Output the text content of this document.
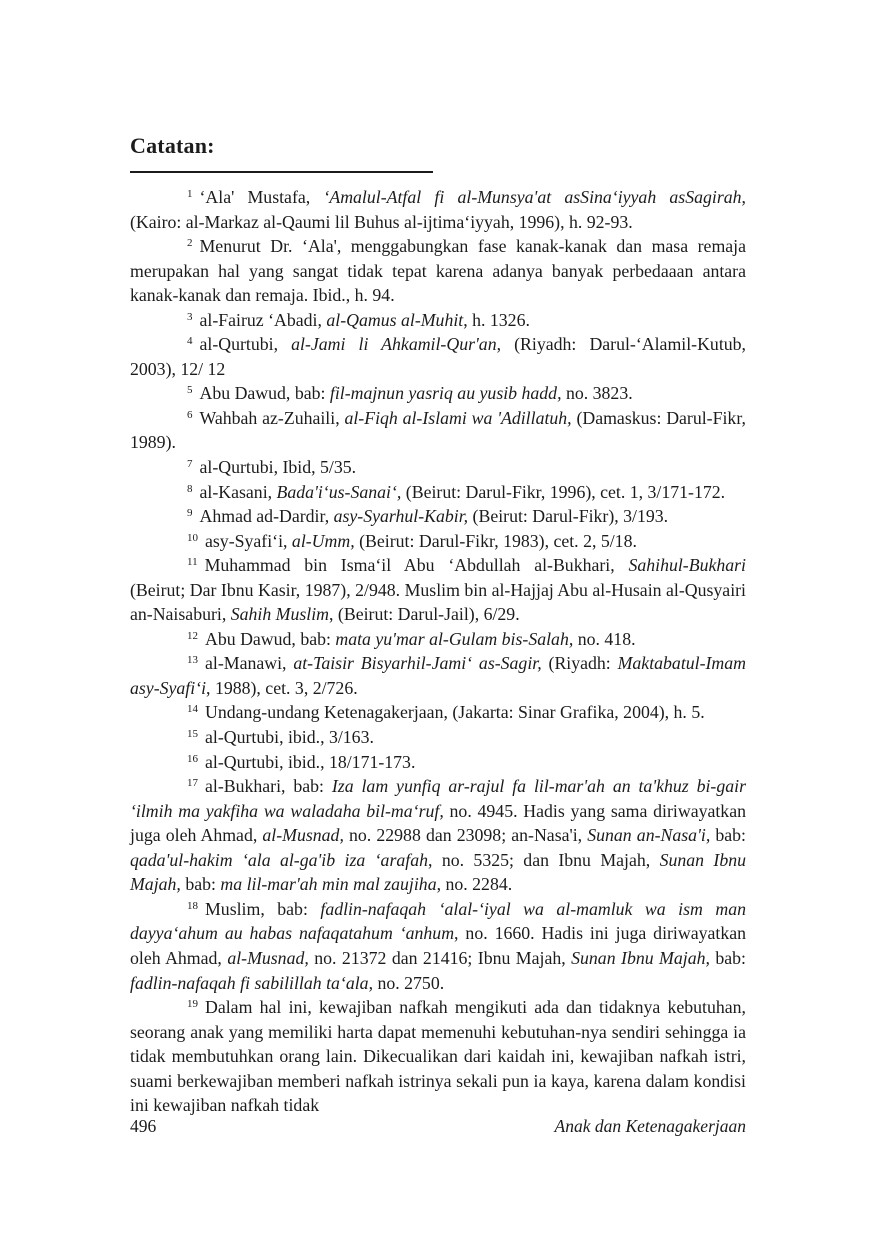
Catatan:

$^1$ ‘Ala' Mustafa, ‘Amalul-Atfal fi al-Munsya'at asSina‘iyyah asSagirah, (Kairo: al-Markaz al-Qaumi lil Buhus al-ijtima‘iyyah, 1996), h. 92-93.

$^2$ Menurut Dr. ‘Ala', menggabungkan fase kanak-kanak dan masa remaja merupakan hal yang sangat tidak tepat karena adanya banyak perbedaaan antara kanak-kanak dan remaja. Ibid., h. 94.

$^3$ al-Fairuz ‘Abadi, al-Qamus al-Muhit, h. 1326.

$^4$ al-Qurtubi, al-Jami li Ahkamil-Qur'an, (Riyadh: Darul-‘Alamil-Kutub, 2003), 12/ 12

$^5$ Abu Dawud, bab: fil-majnun yasriq au yusib hadd, no. 3823.

$^6$ Wahbah az-Zuhaili, al-Fiqh al-Islami wa 'Adillatuh, (Damaskus: Darul-Fikr, 1989).

$^7$ al-Qurtubi, Ibid, 5/35.

$^8$ al-Kasani, Bada'i‘us-Sanai‘, (Beirut: Darul-Fikr, 1996), cet. 1, 3/171-172.

$^9$ Ahmad ad-Dardir, asy-Syarhul-Kabir, (Beirut: Darul-Fikr), 3/193.

$^{10}$ asy-Syafi‘i, al-Umm, (Beirut: Darul-Fikr, 1983), cet. 2, 5/18.

$^{11}$ Muhammad bin Isma‘il Abu ‘Abdullah al-Bukhari, Sahihul-Bukhari (Beirut; Dar Ibnu Kasir, 1987), 2/948. Muslim bin al-Hajjaj Abu al-Husain al-Qusyairi an-Naisaburi, Sahih Muslim, (Beirut: Darul-Jail), 6/29.

$^{12}$ Abu Dawud, bab: mata yu'mar al-Gulam bis-Salah, no. 418.

$^{13}$ al-Manawi, at-Taisir Bisyarhil-Jami‘ as-Sagir, (Riyadh: Maktabatul-Imam asy-Syafi‘i, 1988), cet. 3, 2/726.

$^{14}$ Undang-undang Ketenagakerjaan, (Jakarta: Sinar Grafika, 2004), h. 5.

$^{15}$ al-Qurtubi, ibid., 3/163.

$^{16}$ al-Qurtubi, ibid., 18/171-173.

$^{17}$ al-Bukhari, bab: Iza lam yunfiq ar-rajul fa lil-mar'ah an ta'khuz bi-gair ‘ilmih ma yakfiha wa waladaha bil-ma‘ruf, no. 4945. Hadis yang sama diriwayatkan juga oleh Ahmad, al-Musnad, no. 22988 dan 23098; an-Nasa'i, Sunan an-Nasa'i, bab: qada'ul-hakim ‘ala al-ga'ib iza ‘arafah, no. 5325; dan Ibnu Majah, Sunan Ibnu Majah, bab: ma lil-mar'ah min mal zaujiha, no. 2284.

$^{18}$ Muslim, bab: fadlin-nafaqah ‘alal-‘iyal wa al-mamluk wa ism man dayya‘ahum au habas nafaqatahum ‘anhum, no. 1660. Hadis ini juga diriwayatkan oleh Ahmad, al-Musnad, no. 21372 dan 21416; Ibnu Majah, Sunan Ibnu Majah, bab: fadlin-nafaqah fi sabilillah ta‘ala, no. 2750.

$^{19}$ Dalam hal ini, kewajiban nafkah mengikuti ada dan tidaknya kebutuhan, seorang anak yang memiliki harta dapat memenuhi kebutuhan-nya sendiri sehingga ia tidak membutuhkan orang lain. Dikecualikan dari kaidah ini, kewajiban nafkah istri, suami berkewajiban memberi nafkah istrinya sekali pun ia kaya, karena dalam kondisi ini kewajiban nafkah tidak

496	Anak dan Ketenagakerjaan
